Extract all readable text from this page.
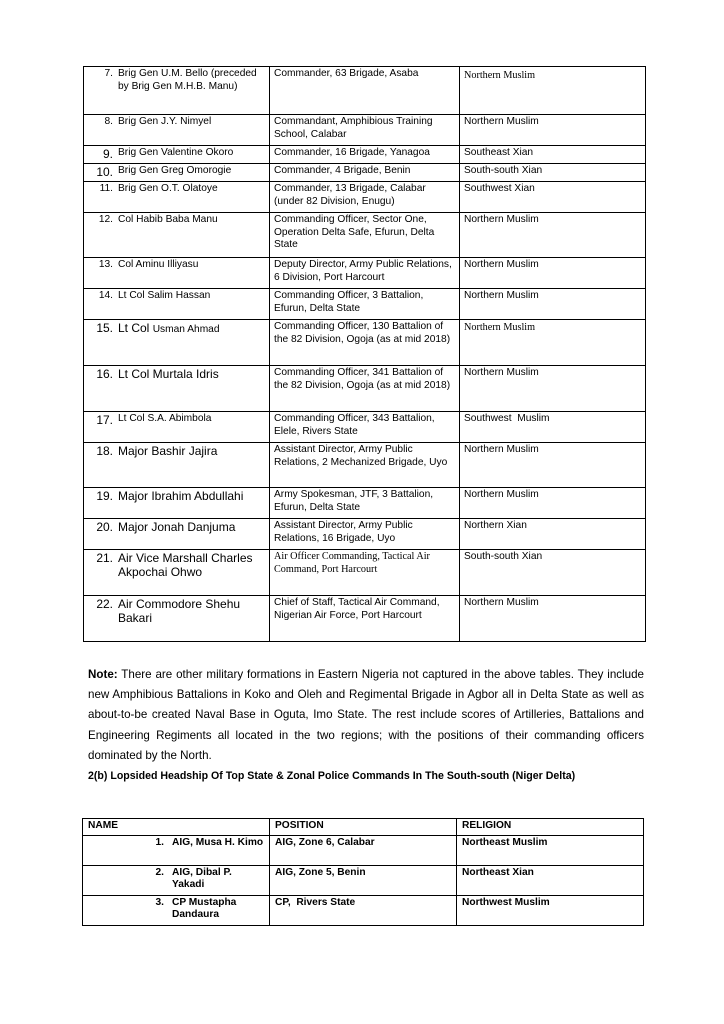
7. Brig Gen U.M. Bello (preceded by Brig Gen M.H.B. Manu)	Commander, 63 Brigade, Asaba	Northern Muslim

8. Brig Gen J.Y. Nimyel	Commandant, Amphibious Training School, Calabar	Northern Muslim

9. Brig Gen Valentine Okoro	Commander, 16 Brigade, Yanagoa	Southeast Xian

10. Brig Gen Greg Omorogie	Commander, 4 Brigade, Benin	South-south Xian

11. Brig Gen O.T. Olatoye	Commander, 13 Brigade, Calabar (under 82 Division, Enugu)	Southwest Xian

12. Col Habib Baba Manu	Commanding Officer, Sector One, Operation Delta Safe, Efurun, Delta State	Northern Muslim

13. Col Aminu Illiyasu	Deputy Director, Army Public Relations, 6 Division, Port Harcourt	Northern Muslim

14. Lt Col Salim Hassan	Commanding Officer, 3 Battalion, Efurun, Delta State	Northern Muslim

15. Lt Col Usman Ahmad	Commanding Officer, 130 Battalion of the 82 Division, Ogoja (as at mid 2018)	Northern Muslim

16. Lt Col Murtala Idris	Commanding Officer, 341 Battalion of the 82 Division, Ogoja (as at mid 2018)	Northern Muslim

17. Lt Col S.A. Abimbola	Commanding Officer, 343 Battalion, Elele, Rivers State	Southwest  Muslim

18. Major Bashir Jajira	Assistant Director, Army Public Relations, 2 Mechanized Brigade, Uyo	Northern Muslim

19. Major Ibrahim Abdullahi	Army Spokesman, JTF, 3 Battalion, Efurun, Delta State	Northern Muslim

20. Major Jonah Danjuma	Assistant Director, Army Public Relations, 16 Brigade, Uyo	Northern Xian

21. Air Vice Marshall Charles Akpochai Ohwo	Air Officer Commanding, Tactical Air Command, Port Harcourt	South-south Xian

22. Air Commodore Shehu Bakari	Chief of Staff, Tactical Air Command, Nigerian Air Force, Port Harcourt	Northern Muslim
Note: There are other military formations in Eastern Nigeria not captured in the above tables. They include new Amphibious Battalions in Koko and Oleh and Regimental Brigade in Agbor all in Delta State as well as about-to-be created Naval Base in Oguta, Imo State. The rest include scores of Artilleries, Battalions and Engineering Regiments all located in the two regions; with the positions of their commanding officers dominated by the North.
2(b) Lopsided Headship Of Top State & Zonal Police Commands In The South-south (Niger Delta)
NAME	POSITION	RELIGION

1. AIG, Musa H. Kimo	AIG, Zone 6, Calabar	Northeast Muslim

2. AIG, Dibal P. Yakadi	AIG, Zone 5, Benin	Northeast Xian

3. CP Mustapha Dandaura	CP,  Rivers State	Northwest Muslim
